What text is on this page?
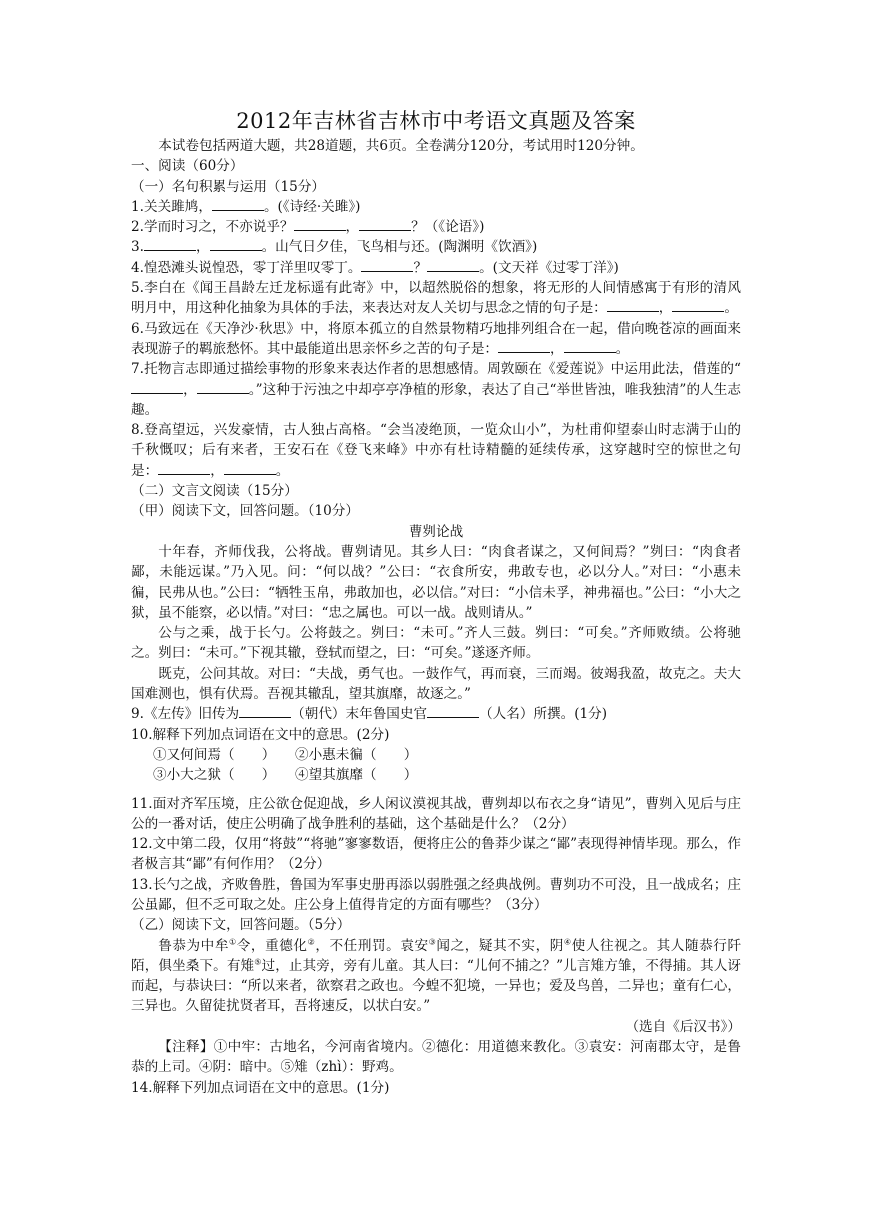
2012年吉林省吉林市中考语文真题及答案

本试卷包括两道大题，共28道题，共6页。全卷满分120分，考试用时120分钟。

一、阅读（60分）

（一）名句积累与运用（15分）

1.关关雎鸠，	。(《诗经·关雎》)

2.学而时习之，不亦说乎？	，	？（《论语》)

3.	，	。山气日夕佳，飞鸟相与还。(陶渊明《饮酒》)

4.惶恐滩头说惶恐，零丁洋里叹零丁。	？	。(文天祥《过零丁洋》)

5.李白在《闻王昌龄左迁龙标遥有此寄》中，以超然脱俗的想象，将无形的人间情感寓于有形的清风明月中，用这种化抽象为具体的手法，来表达对友人关切与思念之情的句子是：	，	。

6.马致远在《天净沙·秋思》中，将原本孤立的自然景物精巧地排列组合在一起，借向晚苍凉的画面来表现游子的羁旅愁怀。其中最能道出思亲怀乡之苦的句子是：	，	。

7.托物言志即通过描绘事物的形象来表达作者的思想感情。周敦颐在《爱莲说》中运用此法，借莲的“，	。”这种于污浊之中却亭亭净植的形象，表达了自己“举世皆浊，唯我独清”的人生志趣。

8.登高望远，兴发豪情，古人独占高格。“会当凌绝顶，一览众山小”，为杜甫仰望泰山时志满于山的千秋慨叹；后有来者，王安石在《登飞来峰》中亦有杜诗精髓的延续传承，这穿越时空的惊世之句是：	，	。

（二）文言文阅读（15分）

（甲）阅读下文，回答问题。（10分）

曹刿论战

十年春，齐师伐我，公将战。曹刿请见。其乡人曰：“肉食者谋之，又何间焉？”刿曰：“肉食者鄙，未能远谋。”乃入见。问：“何以战？”公曰：“衣食所安，弗敢专也，必以分人。”对曰：“小惠未徧，民弗从也。”公曰：“牺牲玉帛，弗敢加也，必以信。”对曰：“小信未孚，神弗福也。”公曰：“小大之狱，虽不能察，必以情。”对曰：“忠之属也。可以一战。战则请从。”

公与之乘，战于长勺。公将鼓之。刿曰：“未可。”齐人三鼓。刿曰：“可矣。”齐师败绩。公将驰之。刿曰：“未可。”下视其辙，登轼而望之，曰：“可矣。”遂逐齐师。

既克，公问其故。对曰：“夫战，勇气也。一鼓作气，再而衰，三而竭。彼竭我盈，故克之。夫大国难测也，惧有伏焉。吾视其辙乱，望其旗靡，故逐之。”

9.《左传》旧传为	（朝代）末年鲁国史官	（人名）所撰。(1分)

10.解释下列加点词语在文中的意思。(2分)

①又何间焉（　　） ②小惠未徧（　　）
③小大之狱（　　） ④望其旗靡（　　）

11.面对齐军压境，庄公欲仓促迎战，乡人闲议漠视其战，曹刿却以布衣之身“请见”，曹刿入见后与庄公的一番对话，使庄公明确了战争胜利的基础，这个基础是什么？（2分）

12.文中第二段，仅用“将鼓”“将驰”寥寥数语，便将庄公的鲁莽少谋之“鄙”表现得神情毕现。那么，作者极言其“鄙”有何作用？（2分）

13.长勺之战，齐败鲁胜，鲁国为军事史册再添以弱胜强之经典战例。曹刿功不可没，且一战成名；庄公虽鄙，但不乏可取之处。庄公身上值得肯定的方面有哪些？（3分）

（乙）阅读下文，回答问题。（5分）

鲁恭为中牟①令，重德化②，不任刑罚。袁安③闻之，疑其不实，阴④使人往视之。其人随恭行阡陌，俱坐桑下。有雉⑤过，止其旁，旁有儿童。其人曰：“儿何不捕之？”儿言雉方雏，不得捕。其人讶而起，与恭诀曰：“所以来者，欲察君之政也。今蝗不犯境，一异也；爱及鸟兽，二异也；童有仁心，三异也。久留徒扰贤者耳，吾将速反，以状白安。”

（选自《后汉书》）

【注释】①中牢：古地名，今河南省境内。②德化：用道德来教化。③袁安：河南郡太守，是鲁恭的上司。④阴：暗中。⑤雉（zhì）：野鸡。

14.解释下列加点词语在文中的意思。(1分)
